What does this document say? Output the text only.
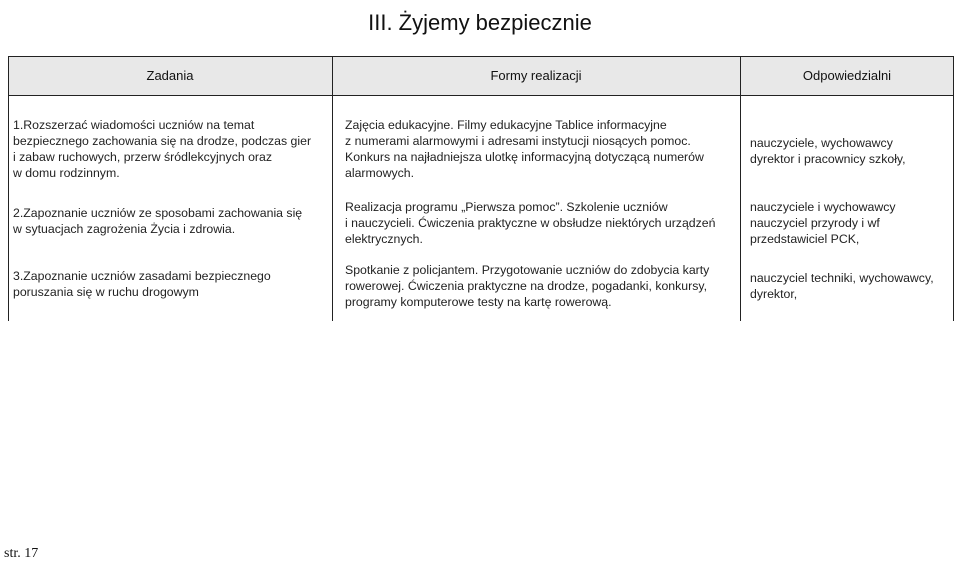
III. Żyjemy bezpiecznie
Zadania	Formy realizacji	Odpowiedzialni
1.Rozszerzać wiadomości uczniów na temat
bezpiecznego zachowania się na drodze, podczas gier
i zabaw ruchowych, przerw śródlekcyjnych oraz
w domu rodzinnym.
Zajęcia edukacyjne. Filmy edukacyjne Tablice informacyjne
z numerami alarmowymi i adresami instytucji niosących pomoc.
Konkurs na najładniejsza ulotkę informacyjną dotyczącą numerów
alarmowych.
nauczyciele, wychowawcy
dyrektor i pracownicy szkoły,
2.Zapoznanie uczniów ze sposobami zachowania się
w sytuacjach zagrożenia Życia i zdrowia.
Realizacja programu „Pierwsza pomoc”. Szkolenie uczniów
i nauczycieli. Ćwiczenia praktyczne w obsłudze niektórych urządzeń
elektrycznych.
nauczyciele i wychowawcy
nauczyciel przyrody i wf
przedstawiciel PCK,
3.Zapoznanie uczniów zasadami bezpiecznego
poruszania się w ruchu drogowym
Spotkanie z policjantem. Przygotowanie uczniów do zdobycia karty
rowerowej. Ćwiczenia praktyczne na drodze, pogadanki, konkursy,
programy komputerowe testy na kartę rowerową.
nauczyciel techniki, wychowawcy,
dyrektor,
str. 17
